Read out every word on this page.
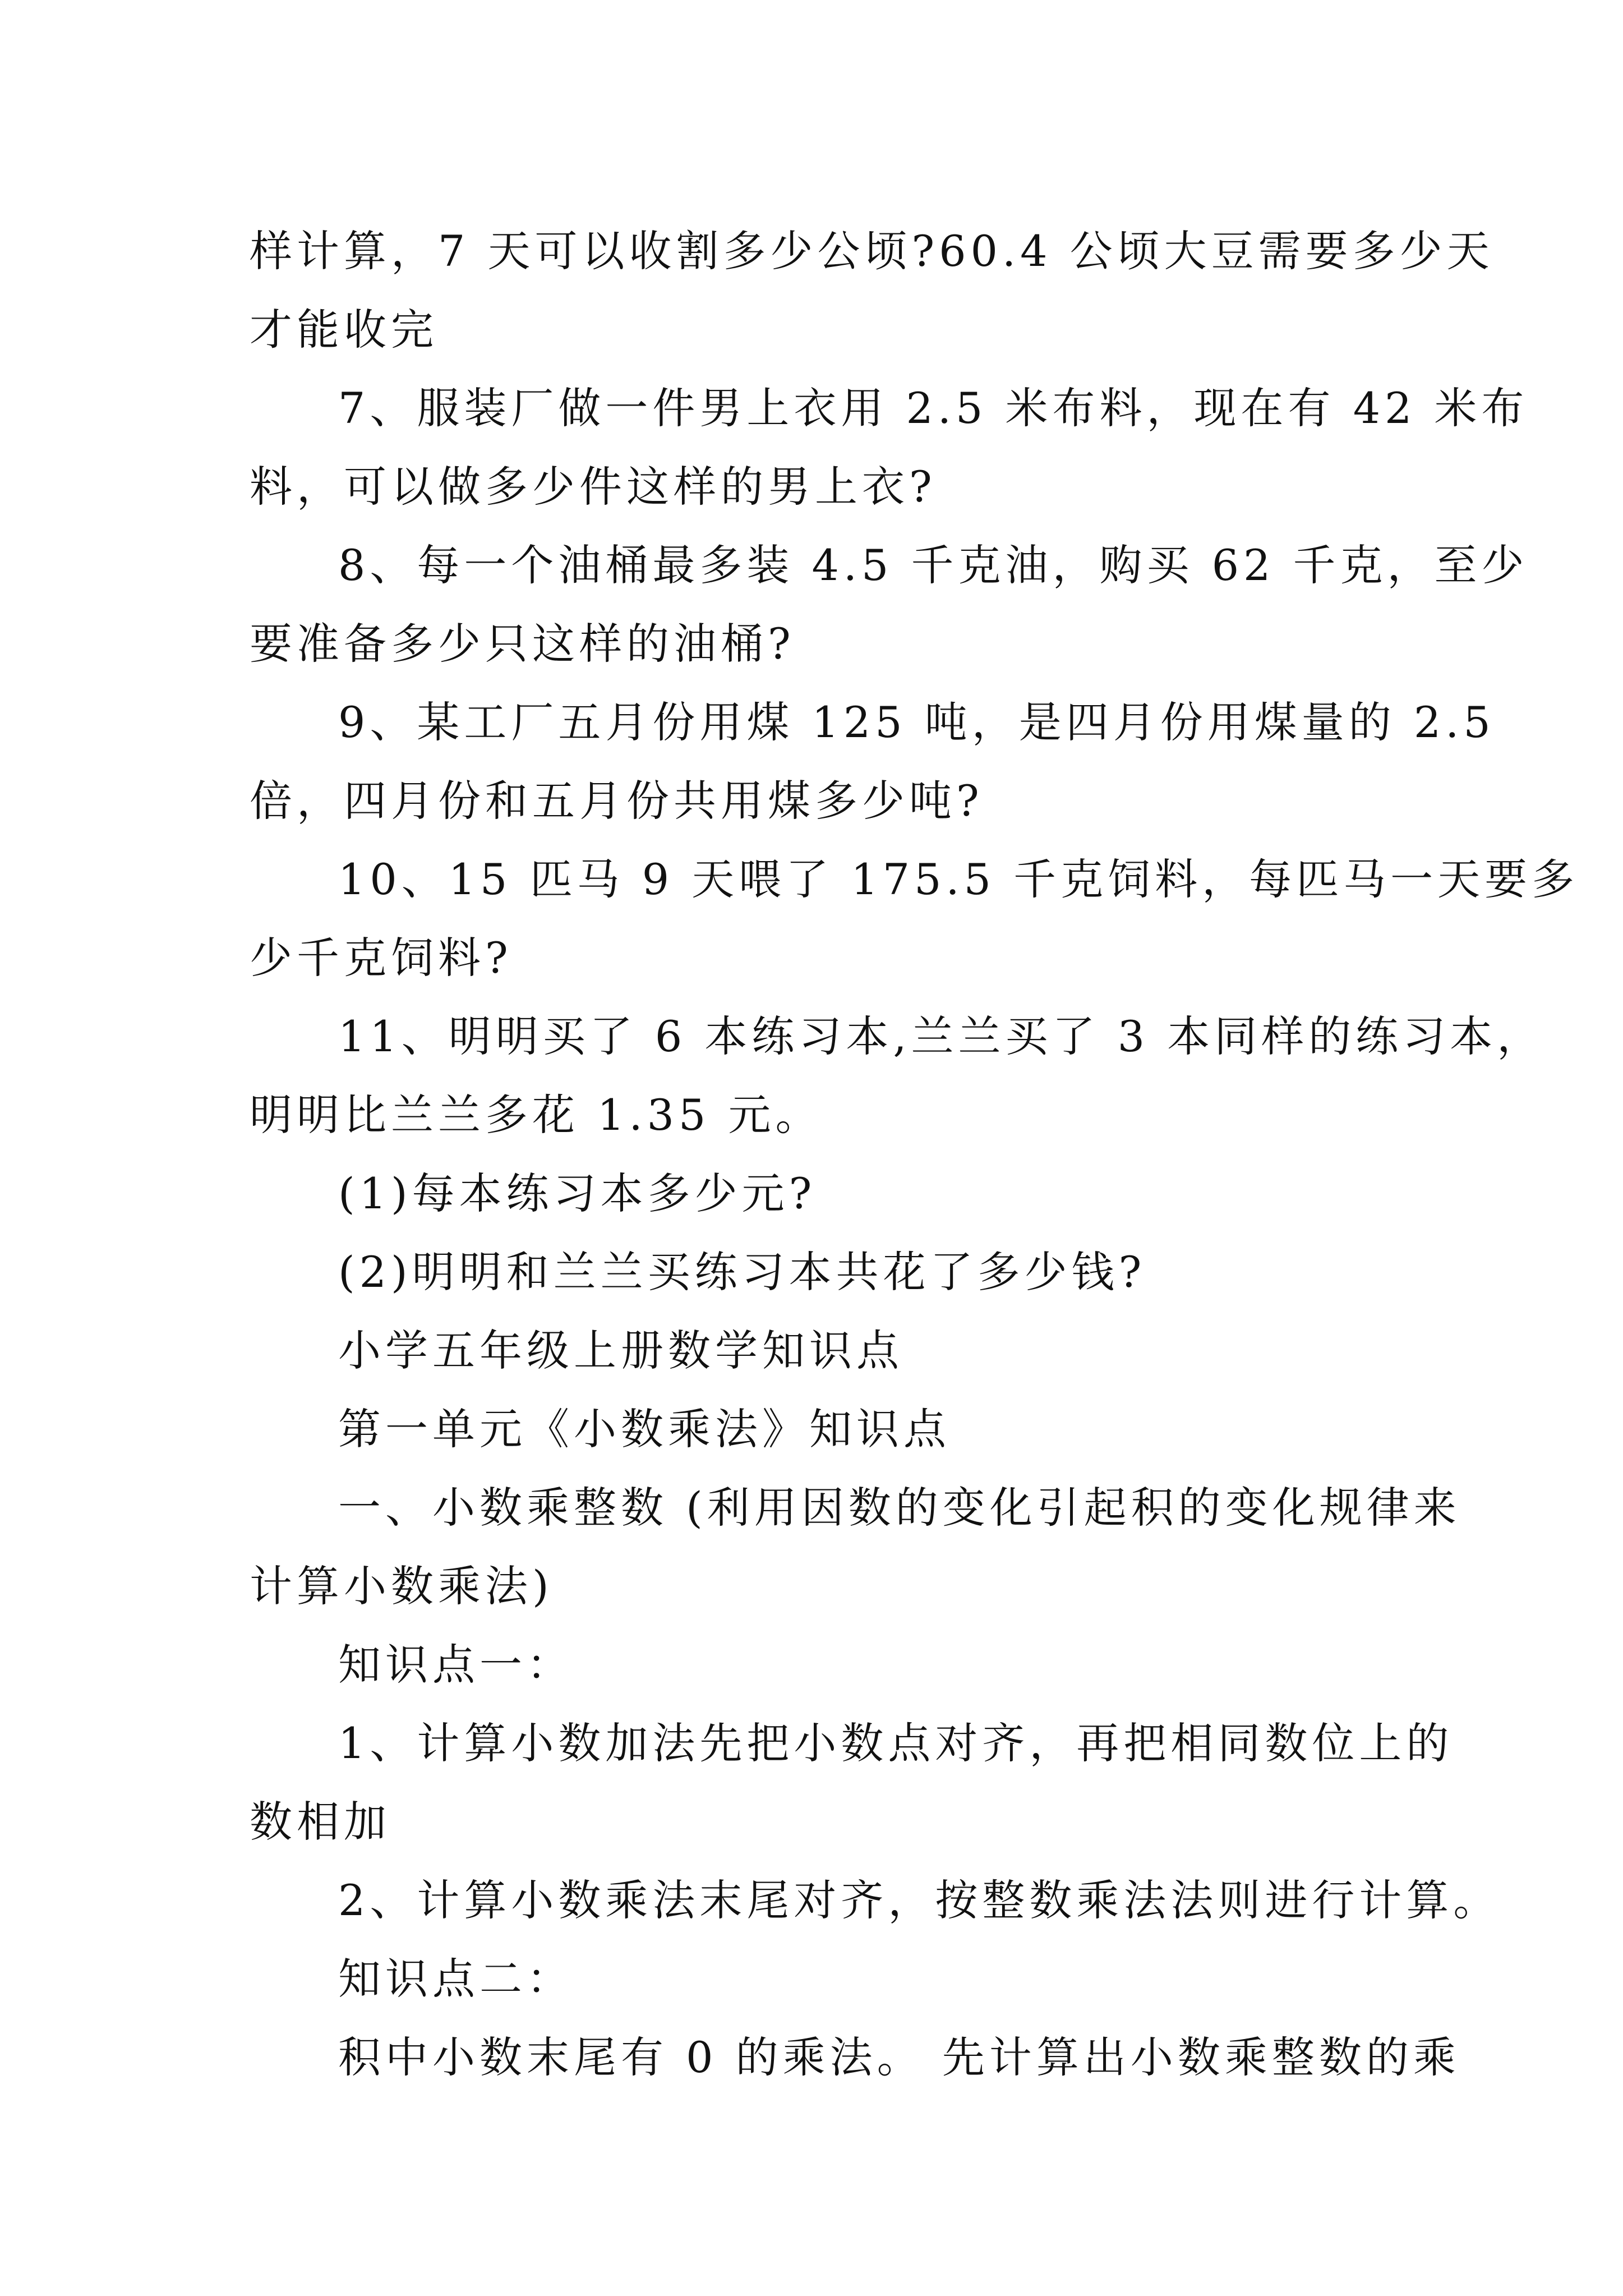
样计算，7 天可以收割多少公顷?60.4 公顷大豆需要多少天
才能收完
7、服装厂做一件男上衣用 2.5 米布料，现在有 42 米布
料，可以做多少件这样的男上衣?
8、每一个油桶最多装 4.5 千克油，购买 62 千克，至少
要准备多少只这样的油桶?
9、某工厂五月份用煤 125 吨，是四月份用煤量的 2.5
倍，四月份和五月份共用煤多少吨?
10、15 匹马 9 天喂了 175.5 千克饲料，每匹马一天要多
少千克饲料?
11、明明买了 6 本练习本,兰兰买了 3 本同样的练习本，
明明比兰兰多花 1.35 元。
(1)每本练习本多少元?
(2)明明和兰兰买练习本共花了多少钱?
小学五年级上册数学知识点
第一单元《小数乘法》知识点
一、小数乘整数 (利用因数的变化引起积的变化规律来
计算小数乘法)
知识点一：
1、计算小数加法先把小数点对齐，再把相同数位上的
数相加
2、计算小数乘法末尾对齐，按整数乘法法则进行计算。
知识点二：
积中小数末尾有 0 的乘法。 先计算出小数乘整数的乘
